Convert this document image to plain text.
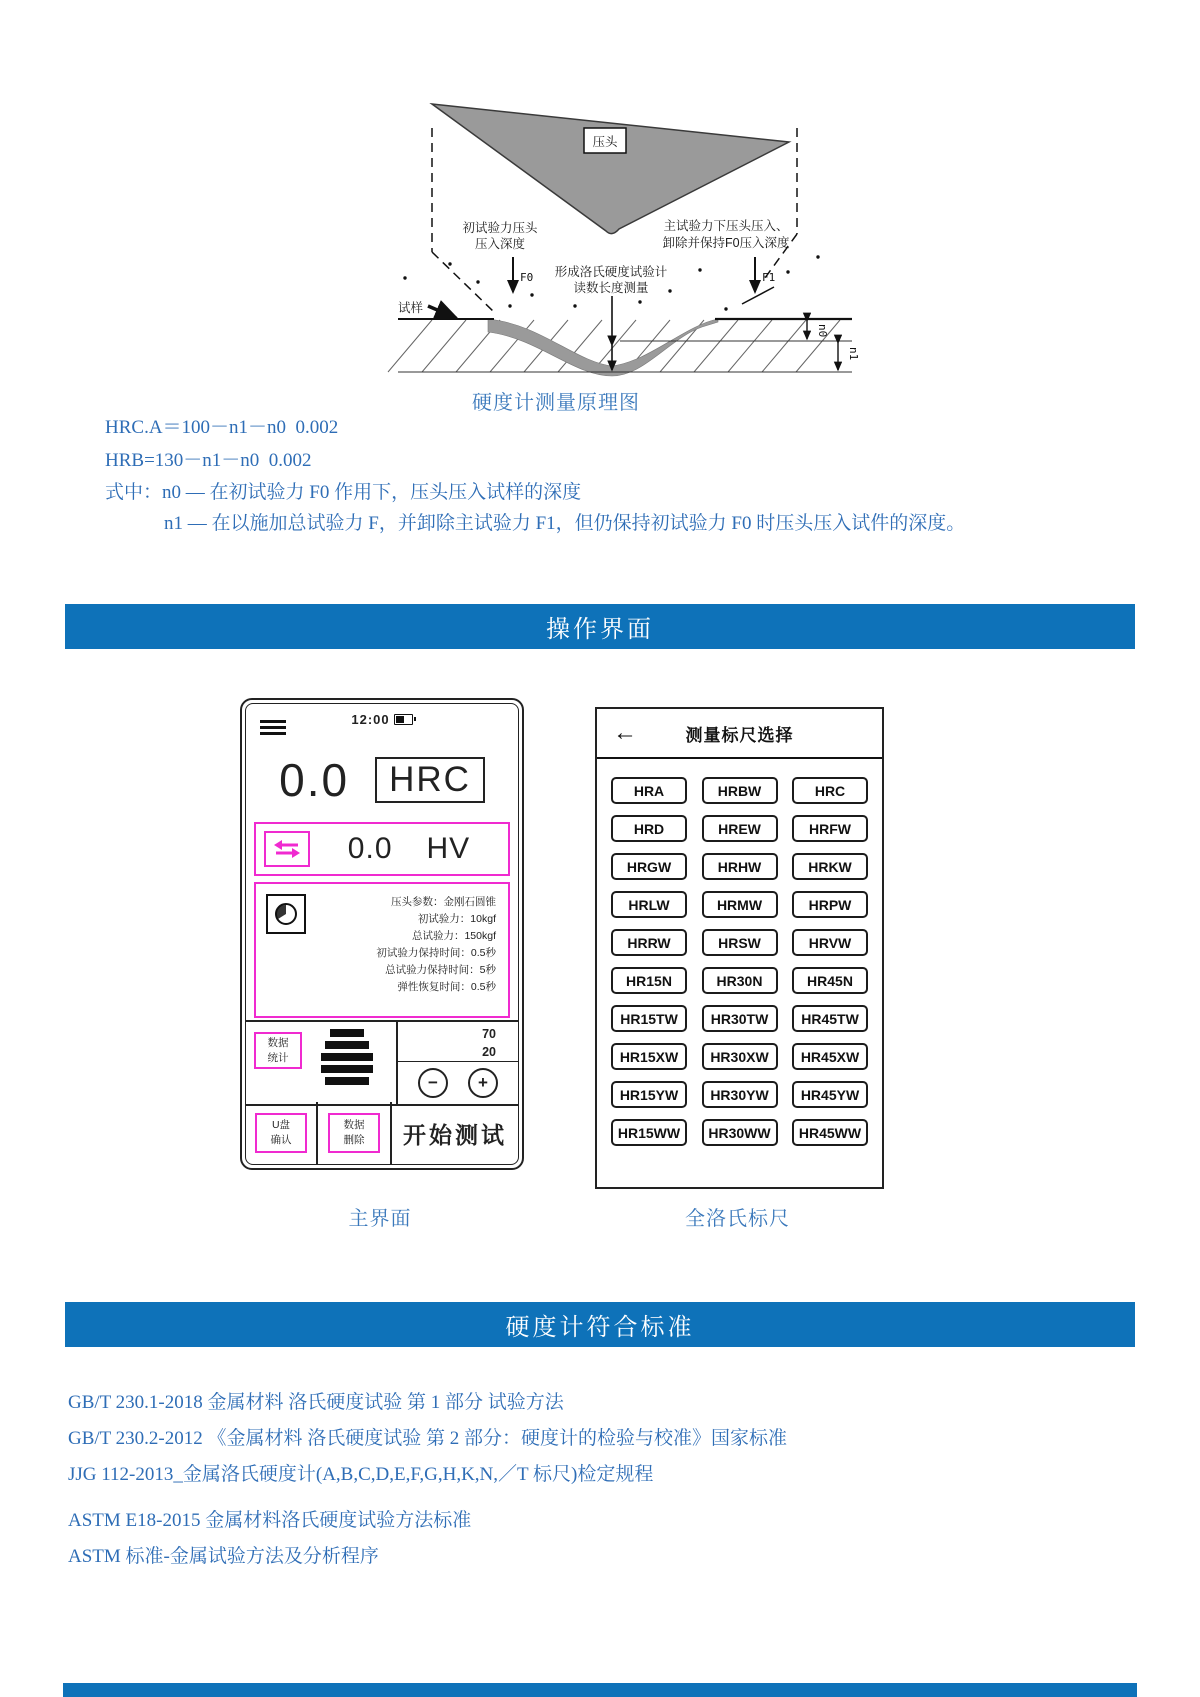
压头
F0	F1
初试验力压头
压入深度
主试验力下压头压入、
卸除并保持F0压入深度
形成洛氏硬度试验计
读数长度测量
试样
n0
n1
硬度计测量原理图
HRC.A＝100－n1－n0  0.002
HRB=130－n1－n0  0.002
式中：n0 — 在初试验力 F0 作用下，压头压入试样的深度
n1 — 在以施加总试验力 F，并卸除主试验力 F1，但仍保持初试验力 F0 时压头压入试件的深度。
操作界面
12:00
0.0	HRC
0.0 HV
压头参数：金刚石圆锥
初试验力：10kgf
总试验力：150kgf
初试验力保持时间：0.5秒
总试验力保持时间：5秒
弹性恢复时间：0.5秒
数据
统计
70
20
−	+
U盘
确认
数据
删除	开始测试
主界面
←	测量标尺选择
HRA	HRBW	HRC
HRD	HREW	HRFW
HRGW	HRHW	HRKW
HRLW	HRMW	HRPW
HRRW	HRSW	HRVW
HR15N	HR30N	HR45N
HR15TW	HR30TW	HR45TW
HR15XW	HR30XW	HR45XW
HR15YW	HR30YW	HR45YW
HR15WW	HR30WW	HR45WW
全洛氏标尺
硬度计符合标准
GB/T 230.1-2018 金属材料 洛氏硬度试验 第 1 部分 试验方法
GB/T 230.2-2012 《金属材料 洛氏硬度试验 第 2 部分：硬度计的检验与校准》国家标准
JJG 112-2013_金属洛氏硬度计(A,B,C,D,E,F,G,H,K,N,／T 标尺)检定规程
ASTM E18-2015 金属材料洛氏硬度试验方法标准
ASTM 标准-金属试验方法及分析程序
